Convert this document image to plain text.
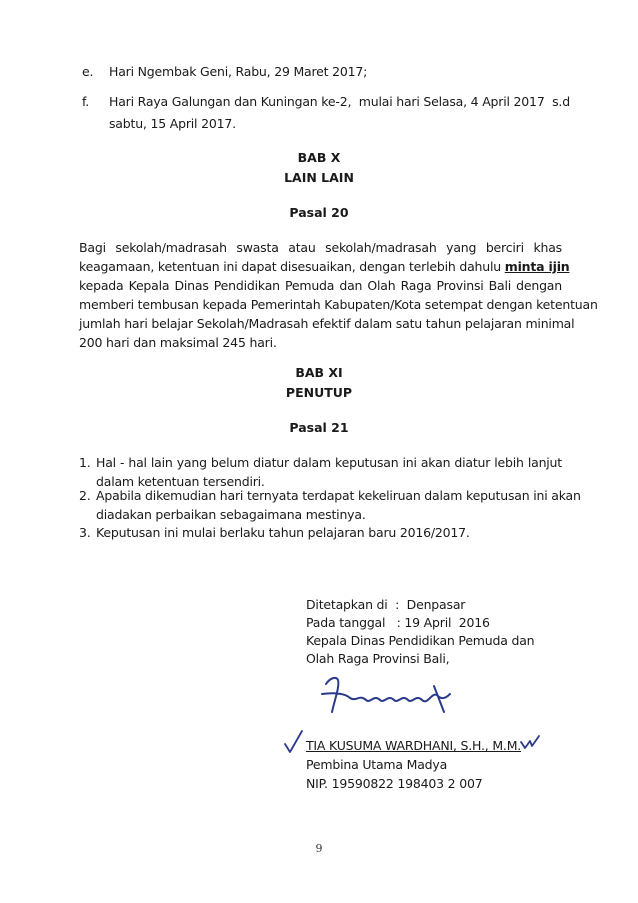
e.	Hari Ngembak Geni, Rabu, 29 Maret 2017;
f.	Hari Raya Galungan dan Kuningan ke-2,  mulai hari Selasa, 4 April 2017  s.d
sabtu, 15 April 2017.
BAB X
LAIN LAIN
Pasal 20
Bagi sekolah/madrasah swasta atau sekolah/madrasah yang berciri khas
keagamaan, ketentuan ini dapat disesuaikan, dengan terlebih dahulu minta ijin
kepada Kepala Dinas Pendidikan Pemuda dan Olah Raga Provinsi Bali dengan
memberi tembusan kepada Pemerintah Kabupaten/Kota setempat dengan ketentuan
jumlah hari belajar Sekolah/Madrasah efektif dalam satu tahun pelajaran minimal
200 hari dan maksimal 245 hari.
BAB XI
PENUTUP
Pasal 21
1. Hal - hal lain yang belum diatur dalam keputusan ini akan diatur lebih lanjut
dalam ketentuan tersendiri.
2. Apabila dikemudian hari ternyata terdapat kekeliruan dalam keputusan ini akan
diadakan perbaikan sebagaimana mestinya.
3. Keputusan ini mulai berlaku tahun pelajaran baru 2016/2017.
Ditetapkan di  :  Denpasar
Pada tanggal   : 19 April  2016
Kepala Dinas Pendidikan Pemuda dan
Olah Raga Provinsi Bali,
TIA KUSUMA WARDHANI, S.H., M.M.
Pembina Utama Madya
NIP. 19590822 198403 2 007
9
